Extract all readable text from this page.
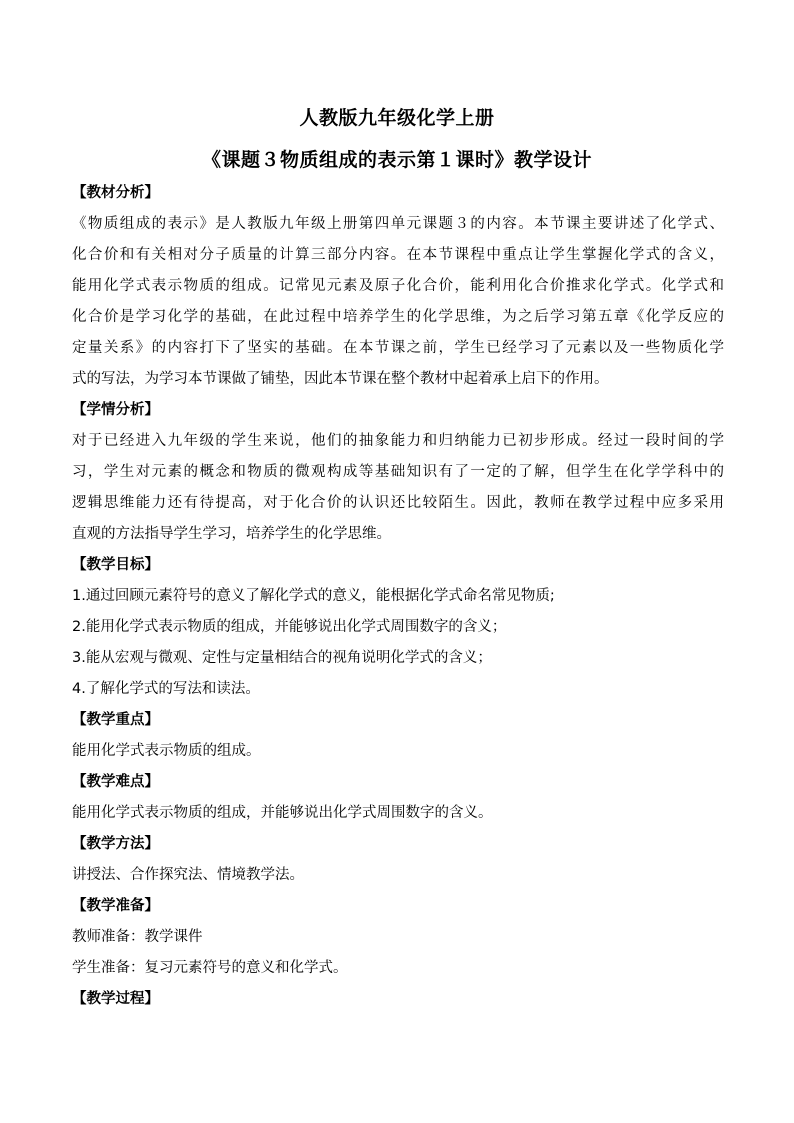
人教版九年级化学上册
《课题３物质组成的表示第１课时》教学设计
【教材分析】
《物质组成的表示》是人教版九年级上册第四单元课题３的内容。本节课主要讲述了化学式、
化合价和有关相对分子质量的计算三部分内容。在本节课程中重点让学生掌握化学式的含义，
能用化学式表示物质的组成。记常见元素及原子化合价，能利用化合价推求化学式。化学式和
化合价是学习化学的基础，在此过程中培养学生的化学思维，为之后学习第五章《化学反应的
定量关系》的内容打下了坚实的基础。在本节课之前，学生已经学习了元素以及一些物质化学
式的写法，为学习本节课做了铺垫，因此本节课在整个教材中起着承上启下的作用。
【学情分析】
对于已经进入九年级的学生来说，他们的抽象能力和归纳能力已初步形成。经过一段时间的学
习，学生对元素的概念和物质的微观构成等基础知识有了一定的了解，但学生在化学学科中的
逻辑思维能力还有待提高，对于化合价的认识还比较陌生。因此，教师在教学过程中应多采用
直观的方法指导学生学习，培养学生的化学思维。
【教学目标】
1.通过回顾元素符号的意义了解化学式的意义，能根据化学式命名常见物质;
2.能用化学式表示物质的组成，并能够说出化学式周围数字的含义；
3.能从宏观与微观、定性与定量相结合的视角说明化学式的含义；
4.了解化学式的写法和读法。
【教学重点】
能用化学式表示物质的组成。
【教学难点】
能用化学式表示物质的组成，并能够说出化学式周围数字的含义。
【教学方法】
讲授法、合作探究法、情境教学法。
【教学准备】
教师准备：教学课件
学生准备：复习元素符号的意义和化学式。
【教学过程】
